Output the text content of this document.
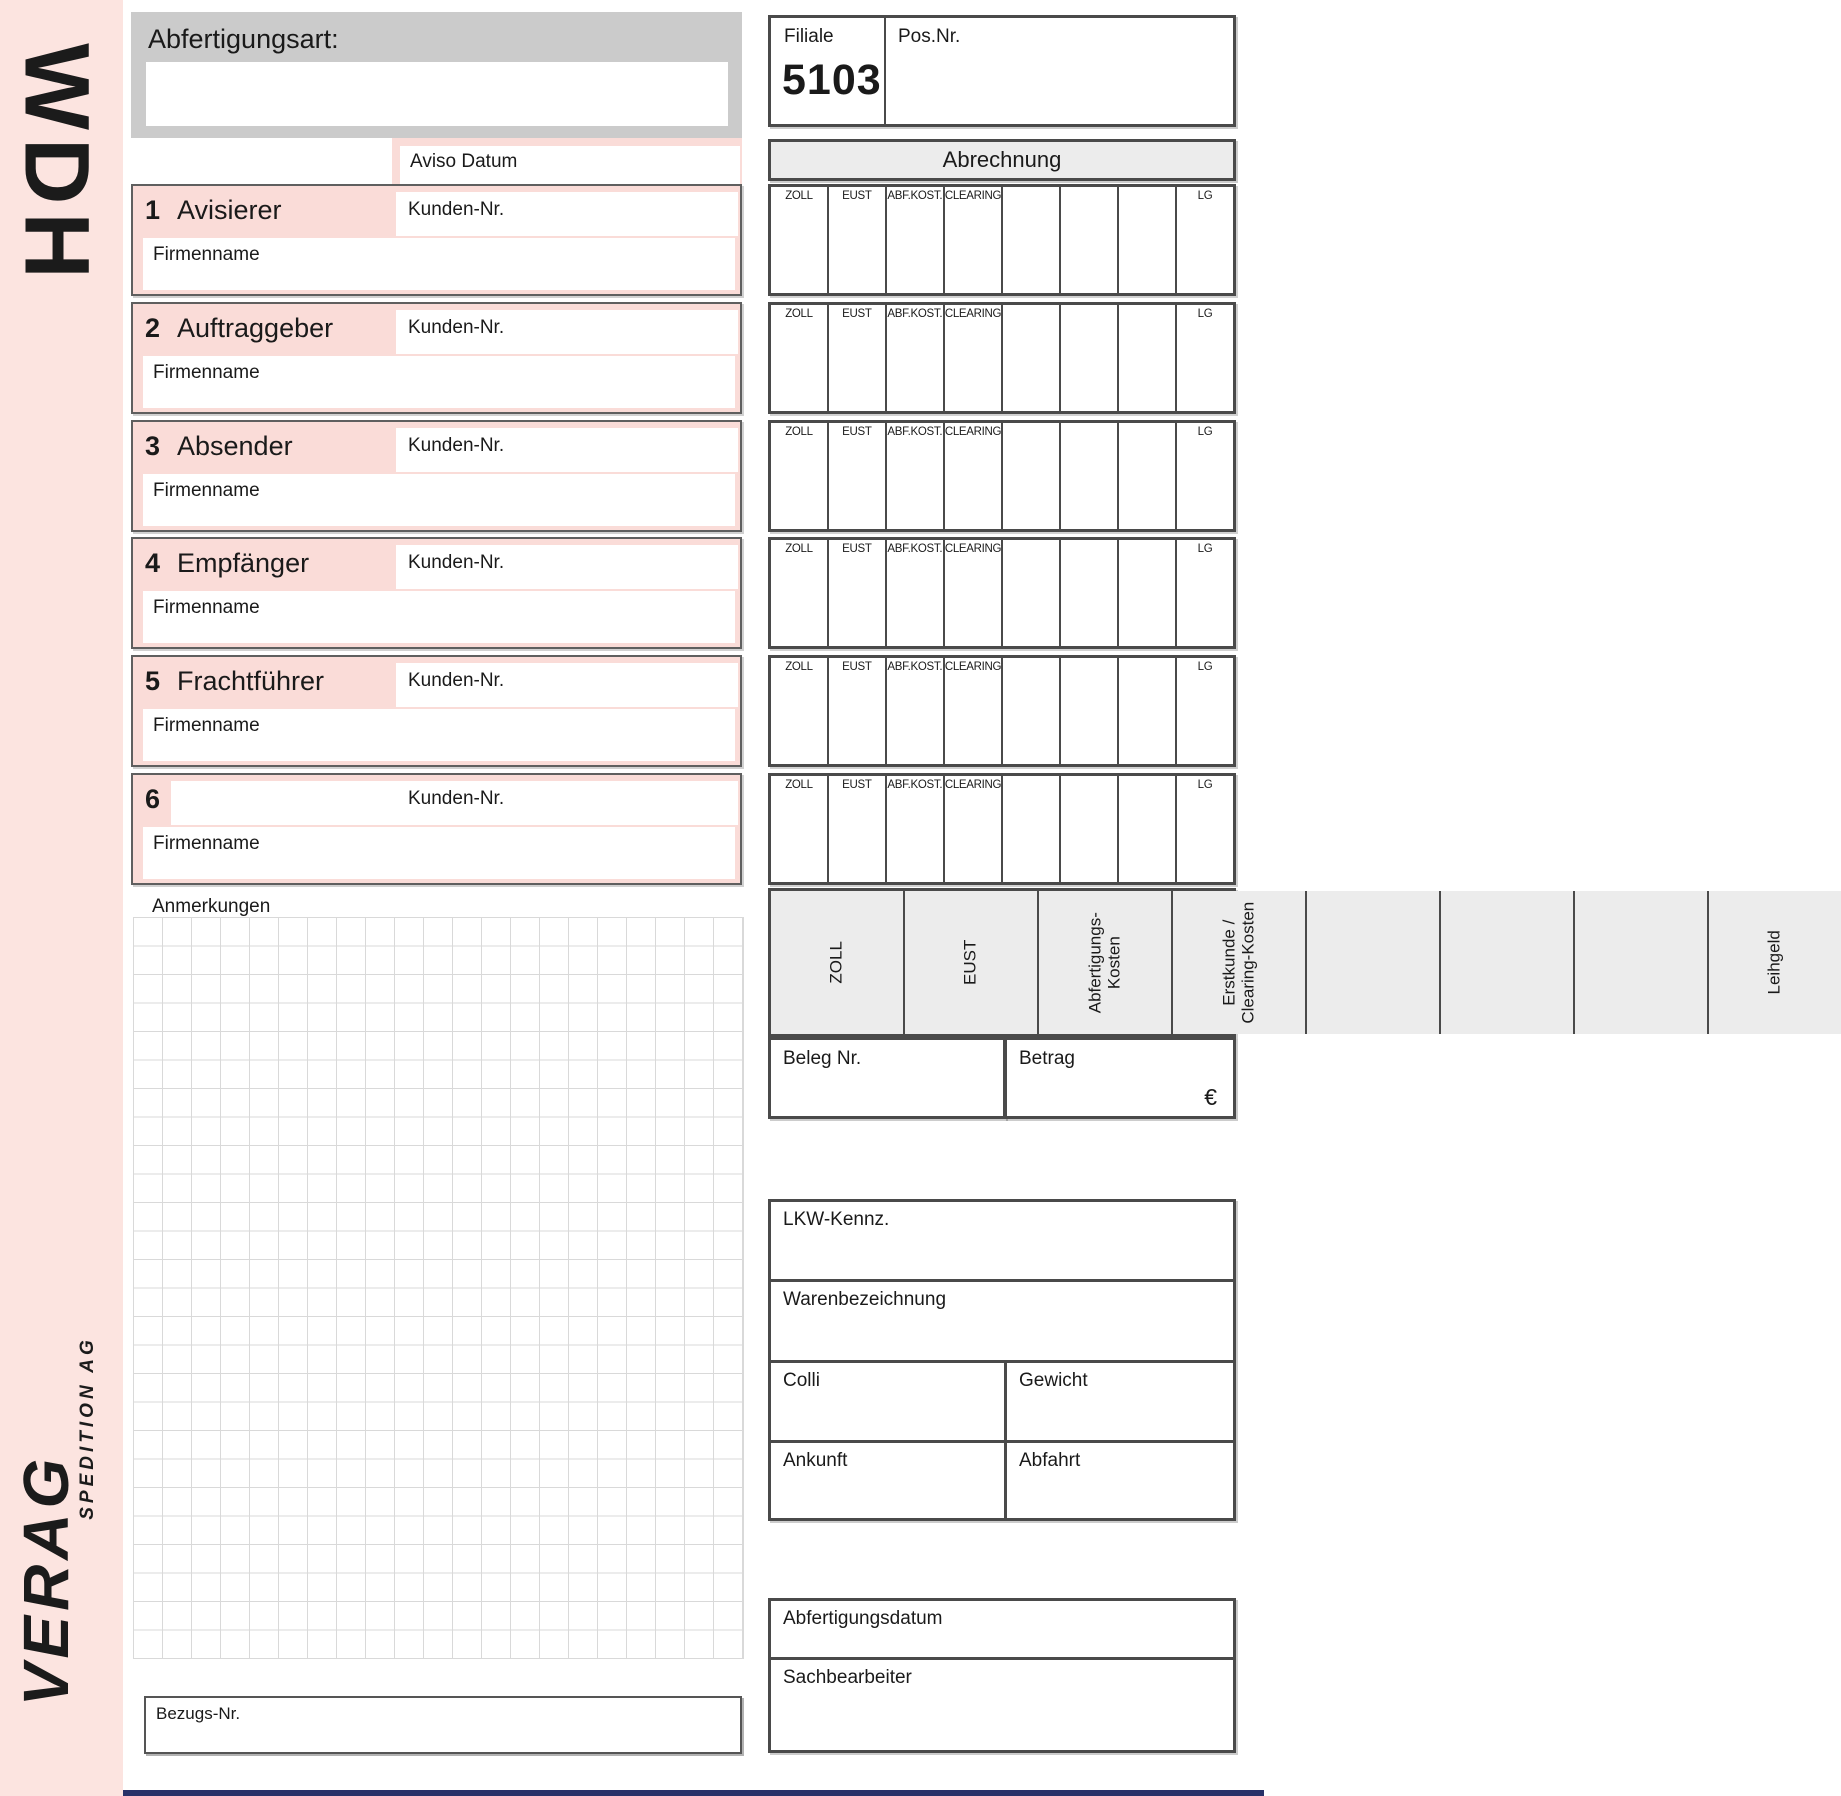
WDH
VERAG
SPEDITION AG
Abfertigungsart:	Filiale
5103
Pos.Nr.
Aviso Datum
1 Avisierer	Kunden-Nr.
Firmenname
2 Auftraggeber	Kunden-Nr.
Firmenname
3 Absender	Kunden-Nr.
Firmenname
4 Empfänger	Kunden-Nr.
Firmenname
5 Frachtführer	Kunden-Nr.
Firmenname
6	Kunden-Nr.
Firmenname
Abrechnung
ZOLL	EUST	ABF.KOST. CLEARING	LG
ZOLL	EUST	ABF.KOST. CLEARING	LG
ZOLL	EUST	ABF.KOST. CLEARING	LG
ZOLL	EUST	ABF.KOST. CLEARING	LG
ZOLL	EUST	ABF.KOST. CLEARING	LG
ZOLL	EUST	ABF.KOST. CLEARING	LG
ZOLL	EUST	Abfertigungs-Kosten	Erstkunde / Clearing-Kosten	Leihgeld
Beleg Nr.	Betrag
€
Anmerkungen
LKW-Kennz.
Warenbezeichnung
Colli	Gewicht
Ankunft	Abfahrt
Abfertigungsdatum
Sachbearbeiter
Bezugs-Nr.
